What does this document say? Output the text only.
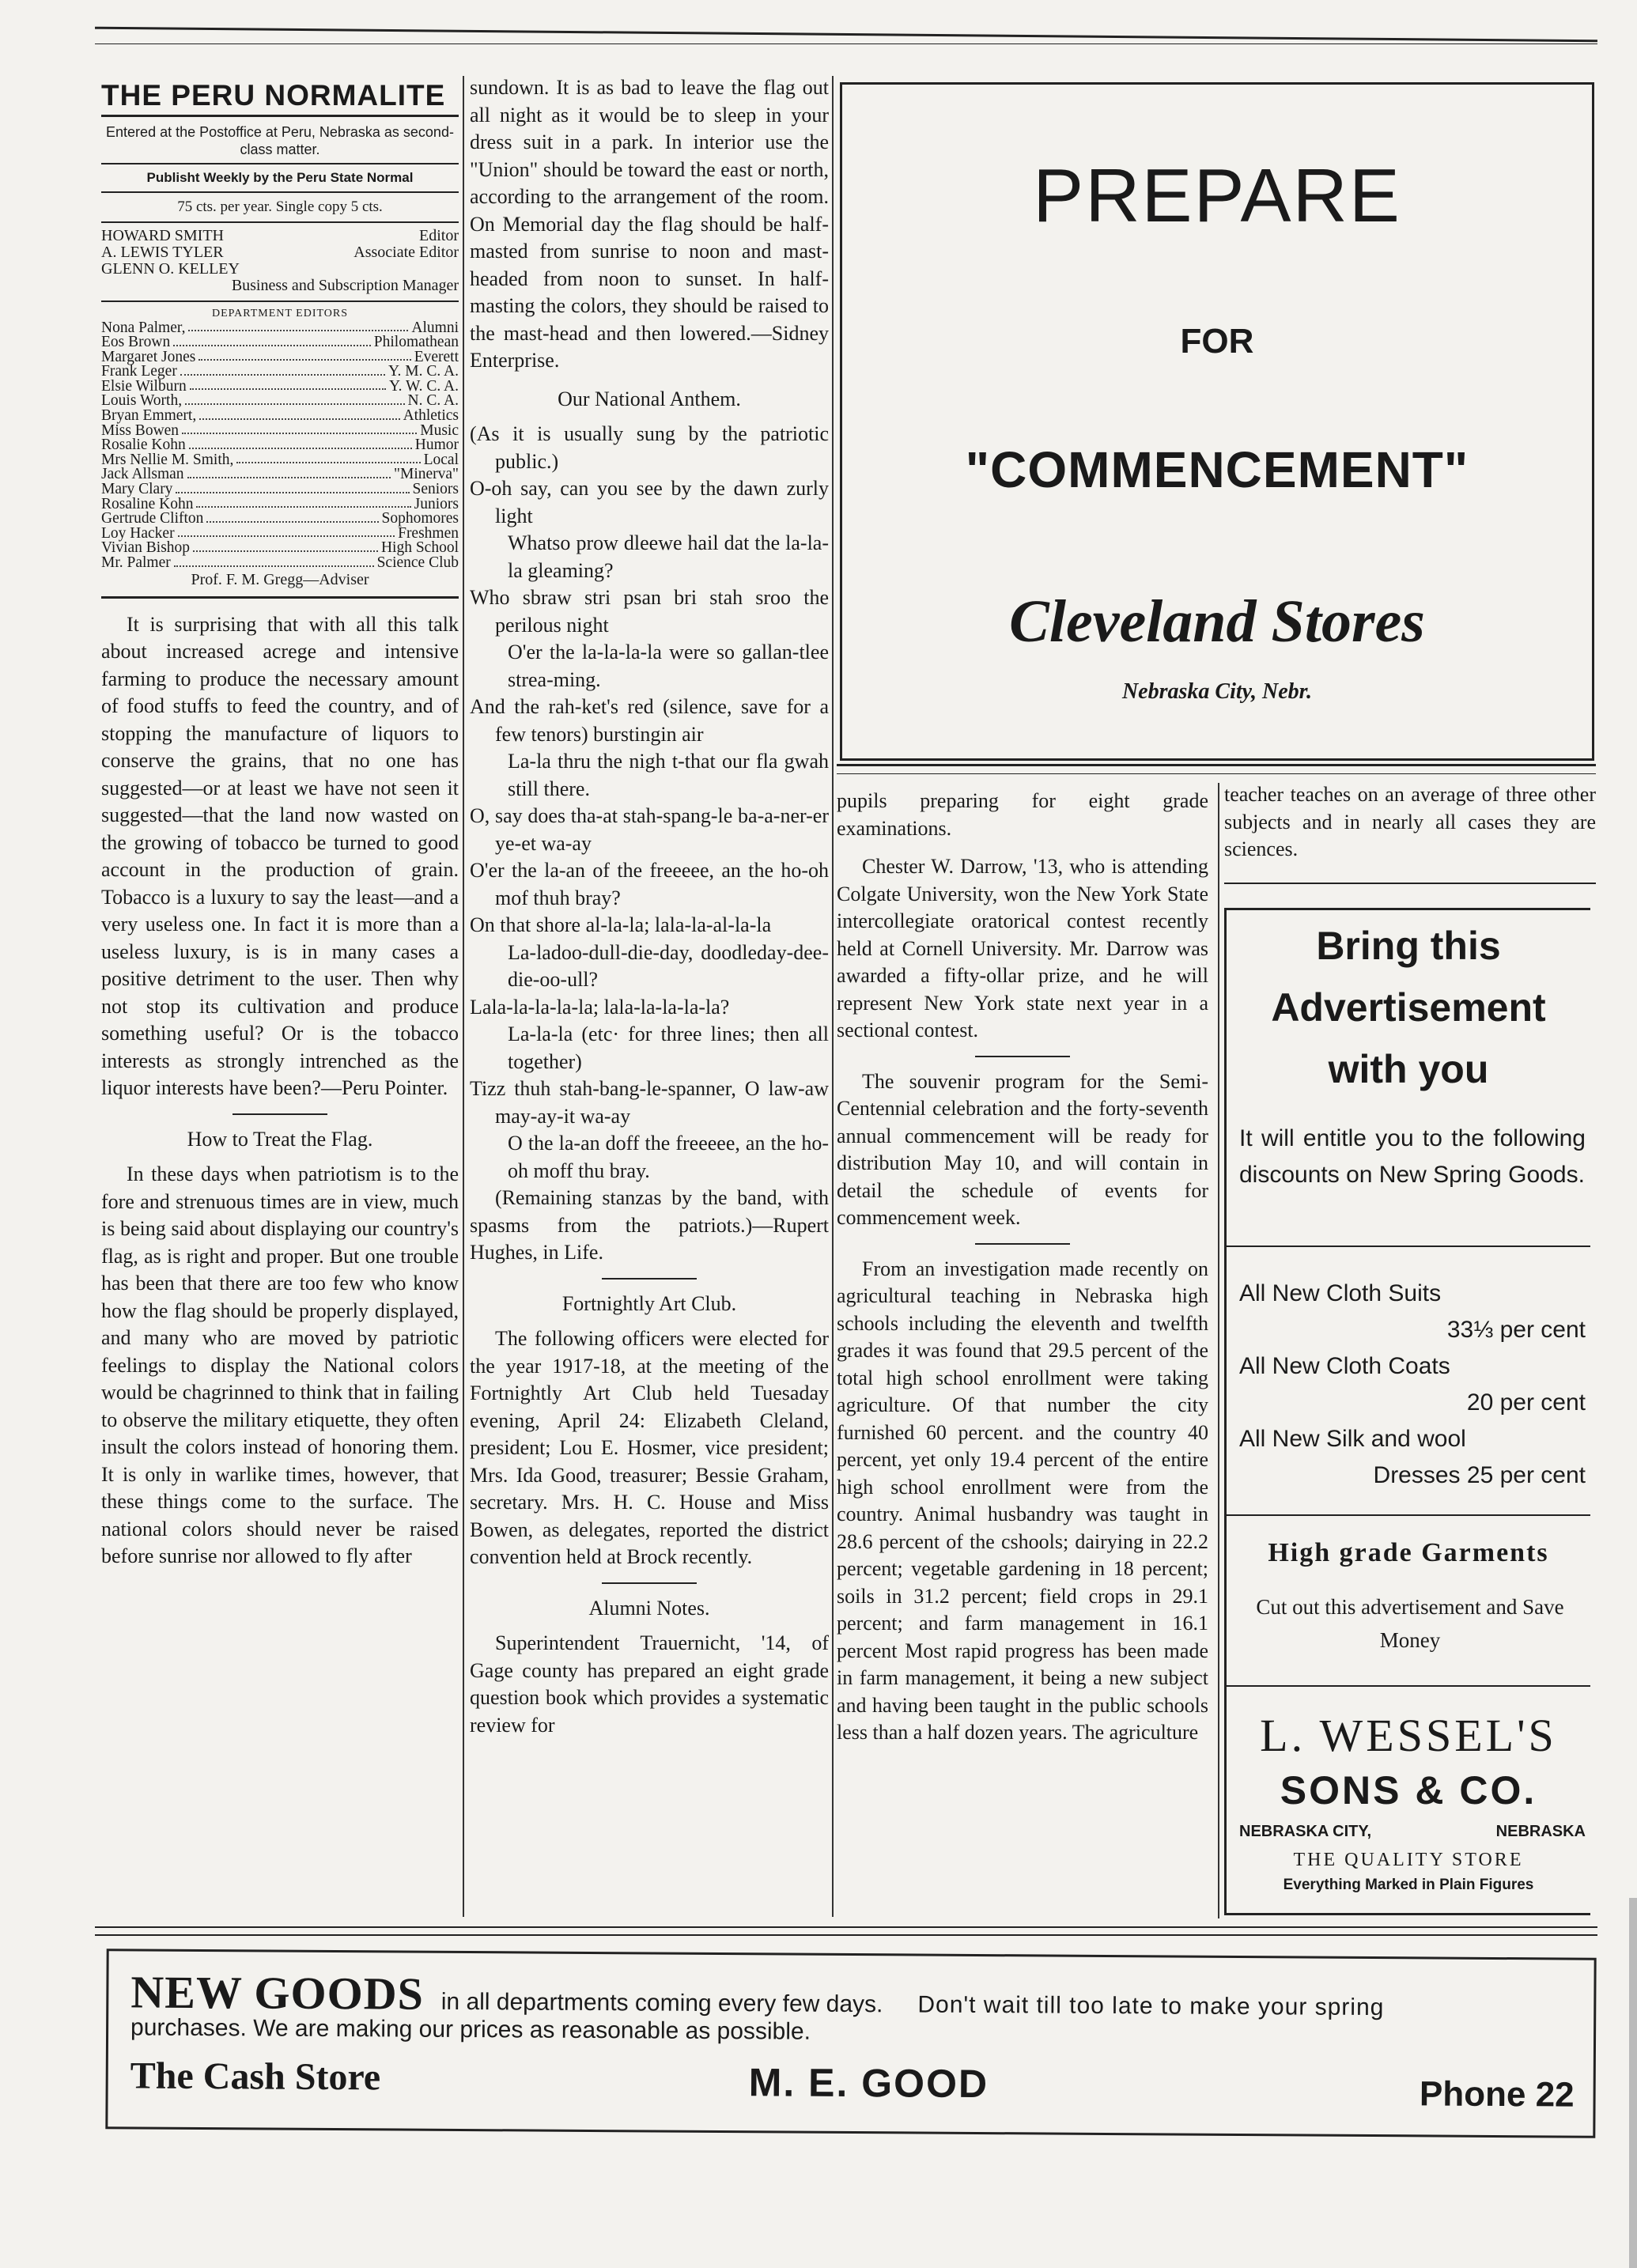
THE PERU NORMALITE
Entered at the Postoffice at Peru, Nebraska as second-class matter.
Publisht Weekly by the Peru State Normal
75 cts. per year. Single copy 5 cts.
HOWARD SMITH	Editor
A. LEWIS TYLER	Associate Editor
GLENN O. KELLEY
Business and Subscription Manager
DEPARTMENT EDITORS
Nona Palmer,	Alumni
Eos Brown	Philomathean
Margaret Jones	Everett
Frank Leger	Y. M. C. A.
Elsie Wilburn	Y. W. C. A.
Louis Worth,	N. C. A.
Bryan Emmert,	Athletics
Miss Bowen	Music
Rosalie Kohn	Humor
Mrs Nellie M. Smith,	Local
Jack Allsman	"Minerva"
Mary Clary	Seniors
Rosaline Kohn	Juniors
Gertrude Clifton	Sophomores
Loy Hacker	Freshmen
Vivian Bishop	High School
Mr. Palmer	Science Club
Prof. F. M. Gregg—Adviser

It is surprising that with all this talk about increased acrege and intensive farming to produce the necessary amount of food stuffs to feed the country, and of stopping the manufacture of liquors to conserve the grains, that no one has suggested—or at least we have not seen it suggested—that the land now wasted on the growing of tobacco be turned to good account in the production of grain. Tobacco is a luxury to say the least—and a very useless one. In fact it is more than a useless luxury, is is in many cases a positive detriment to the user. Then why not stop its cultivation and produce something useful? Or is the tobacco interests as strongly intrenched as the liquor interests have been?—Peru Pointer.

How to Treat the Flag.

In these days when patriotism is to the fore and strenuous times are in view, much is being said about displaying our country's flag, as is right and proper. But one trouble has been that there are too few who know how the flag should be properly displayed, and many who are moved by patriotic feelings to display the National colors would be chagrinned to think that in failing to observe the military etiquette, they often insult the colors instead of honoring them. It is only in warlike times, however, that these things come to the surface. The national colors should never be raised before sunrise nor allowed to fly after

sundown. It is as bad to leave the flag out all night as it would be to sleep in your dress suit in a park. In interior use the "Union" should be toward the east or north, according to the arrangement of the room. On Memorial day the flag should be half-masted from sunrise to noon and mast-headed from noon to sunset. In half-masting the colors, they should be raised to the mast-head and then lowered.—Sidney Enterprise.

Our National Anthem.

(As it is usually sung by the patriotic public.)

O-oh say, can you see by the dawn zurly light

Whatso prow dleewe hail dat the la-la-la gleaming?

Who sbraw stri psan bri stah sroo the perilous night

O'er the la-la-la-la were so gallan-tlee strea-ming.

And the rah-ket's red (silence, save for a few tenors) burstingin air

La-la thru the nigh t-that our fla gwah still there.

O, say does tha-at stah-spang-le ba-a-ner-er ye-et wa-ay

O'er the la-an of the freeeee, an the ho-oh mof thuh bray?

On that shore al-la-la; lala-la-al-la-la

La-ladoo-dull-die-day, doodleday-dee-die-oo-ull?

Lala-la-la-la-la; lala-la-la-la-la?

La-la-la (etc· for three lines; then all together)

Tizz thuh stah-bang-le-spanner, O law-aw may-ay-it wa-ay

O the la-an doff the freeeee, an the ho-oh moff thu bray.

(Remaining stanzas by the band, with spasms from the patriots.)—Rupert Hughes, in Life.

Fortnightly Art Club.

The following officers were elected for the year 1917-18, at the meeting of the Fortnightly Art Club held Tuesaday evening, April 24: Elizabeth Cleland, president; Lou E. Hosmer, vice president; Mrs. Ida Good, treasurer; Bessie Graham, secretary. Mrs. H. C. House and Miss Bowen, as delegates, reported the district convention held at Brock recently.

Alumni Notes.

Superintendent Trauernicht, '14, of Gage county has prepared an eight grade question book which provides a systematic review for

PREPARE
FOR
"COMMENCEMENT"
Cleveland Stores
Nebraska City, Nebr.

pupils preparing for eight grade examinations.

Chester W. Darrow, '13, who is attending Colgate University, won the New York State intercollegiate oratorical contest recently held at Cornell University. Mr. Darrow was awarded a fifty-ollar prize, and he will represent New York state next year in a sectional contest.

The souvenir program for the Semi-Centennial celebration and the forty-seventh annual commencement will be ready for distribution May 10, and will contain in detail the schedule of events for commencement week.

From an investigation made recently on agricultural teaching in Nebraska high schools including the eleventh and twelfth grades it was found that 29.5 percent of the total high school enrollment were taking agriculture. Of that number the city furnished 60 percent. and the country 40 percent, yet only 19.4 percent of the entire high school enrollment were from the country. Animal husbandry was taught in 28.6 percent of the cshools; dairying in 22.2 percent; vegetable gardening in 18 percent; soils in 31.2 percent; field crops in 29.1 percent; and farm management in 16.1 percent Most rapid progress has been made in farm management, it being a new subject and having been taught in the public schools less than a half dozen years. The agriculture

teacher teaches on an average of three other subjects and in nearly all cases they are sciences.

Bring this
Advertisement
with you
It will entitle you to the following discounts on New Spring Goods.
All New Cloth Suits
33⅓ per cent
All New Cloth Coats
20 per cent
All New Silk and wool
Dresses 25 per cent
High grade Garments
Cut out this advertisement and Save Money
L. WESSEL'S
SONS & CO.
NEBRASKA CITY,	NEBRASKA
THE QUALITY STORE
Everything Marked in Plain Figures
NEW GOODS in all departments coming every few days. Don't wait till too late to make your spring
purchases. We are making our prices as reasonable as possible.
The Cash Store	M. E. GOOD	Phone 22
